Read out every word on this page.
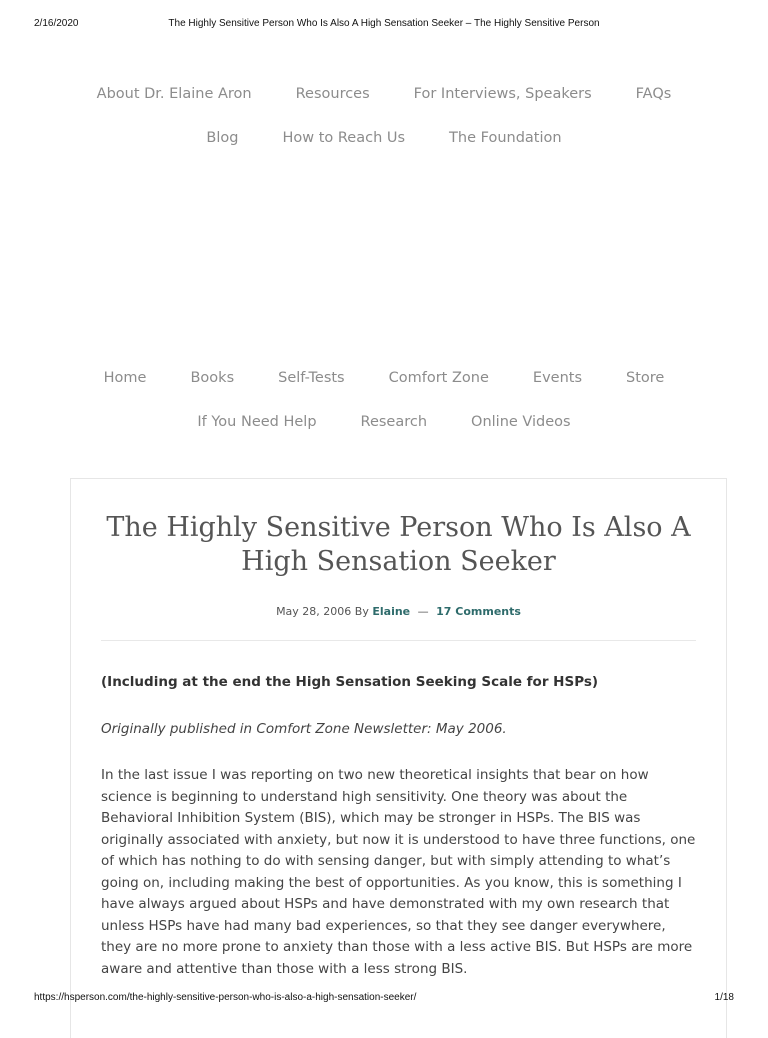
2/16/2020	The Highly Sensitive Person Who Is Also A High Sensation Seeker – The Highly Sensitive Person
About Dr. Elaine Aron	Resources	For Interviews, Speakers	FAQs
Blog	How to Reach Us	The Foundation
Home	Books	Self-Tests	Comfort Zone	Events	Store
If You Need Help	Research	Online Videos
The Highly Sensitive Person Who Is Also A High Sensation Seeker
May 28, 2006 By Elaine — 17 Comments

(Including at the end the High Sensation Seeking Scale for HSPs)

Originally published in Comfort Zone Newsletter: May 2006.

In the last issue I was reporting on two new theoretical insights that bear on how science is beginning to understand high sensitivity. One theory was about the Behavioral Inhibition System (BIS), which may be stronger in HSPs. The BIS was originally associated with anxiety, but now it is understood to have three functions, one of which has nothing to do with sensing danger, but with simply attending to what’s going on, including making the best of opportunities. As you know, this is something I have always argued about HSPs and have demonstrated with my own research that unless HSPs have had many bad experiences, so that they see danger everywhere, they are no more prone to anxiety than those with a less active BIS. But HSPs are more aware and attentive than those with a less strong BIS.

https://hsperson.com/the-highly-sensitive-person-who-is-also-a-high-sensation-seeker/	1/18
